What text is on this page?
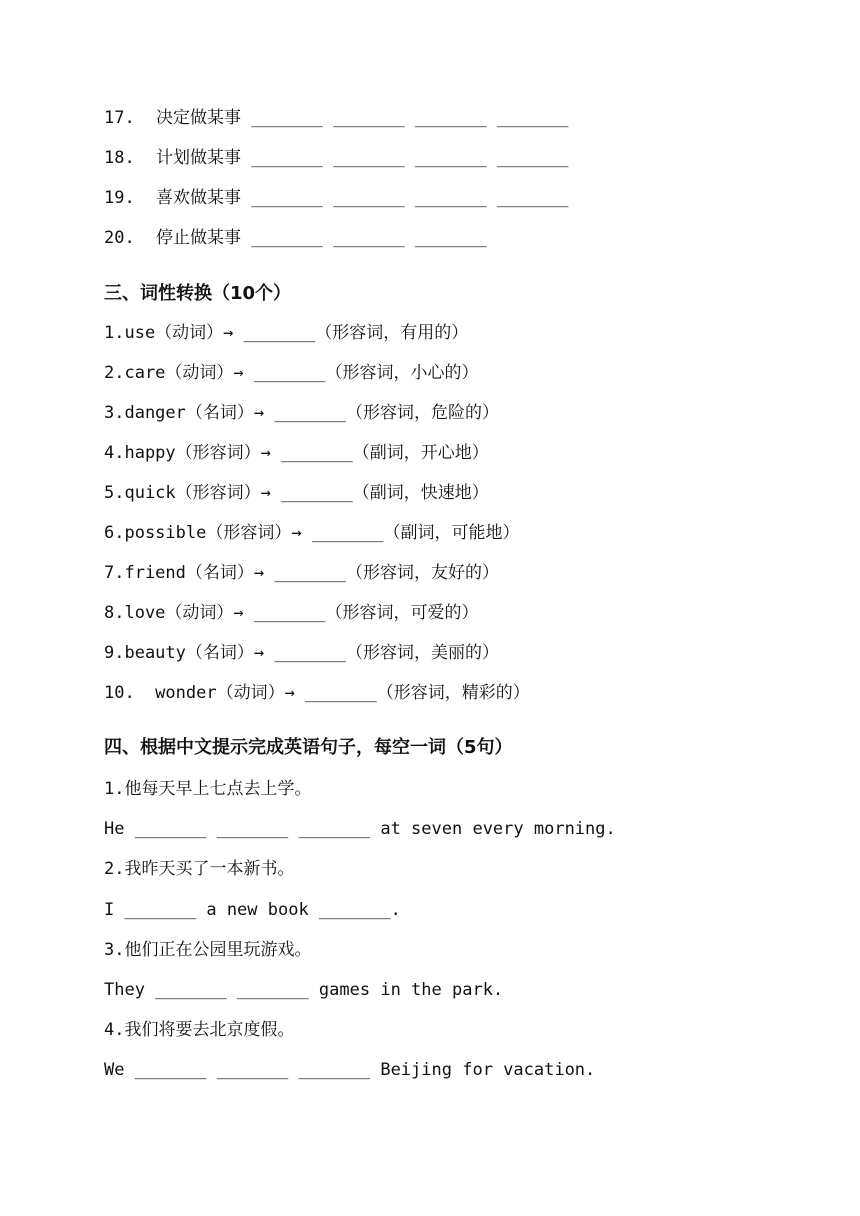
17. 决定做某事 _______ _______ _______ _______
18. 计划做某事 _______ _______ _______ _______
19. 喜欢做某事 _______ _______ _______ _______
20. 停止做某事 _______ _______ _______
三、词性转换（10个）
1.use（动词）→ _______（形容词，有用的）
2.care（动词）→ _______（形容词，小心的）
3.danger（名词）→ _______（形容词，危险的）
4.happy（形容词）→ _______（副词，开心地）
5.quick（形容词）→ _______（副词，快速地）
6.possible（形容词）→ _______（副词，可能地）
7.friend（名词）→ _______（形容词，友好的）
8.love（动词）→ _______（形容词，可爱的）
9.beauty（名词）→ _______（形容词，美丽的）
10.  wonder（动词）→ _______（形容词，精彩的）
四、根据中文提示完成英语句子，每空一词（5句）
1.他每天早上七点去上学。
He _______ _______ _______ at seven every morning.
2.我昨天买了一本新书。
I _______ a new book _______.
3.他们正在公园里玩游戏。
They _______ _______ games in the park.
4.我们将要去北京度假。
We _______ _______ _______ Beijing for vacation.
